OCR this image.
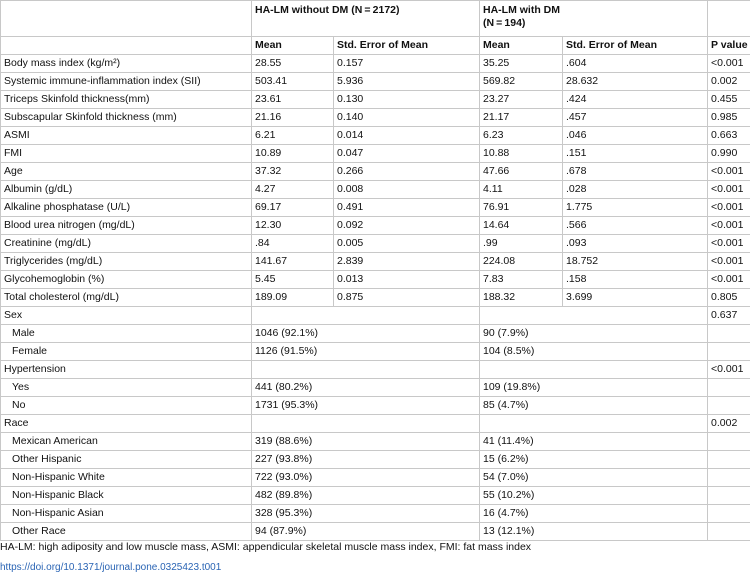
	HA-LM without DM (N = 2172)		HA-LM with DM
(N = 194)		
	Mean	Std. Error of Mean	Mean	Std. Error of Mean	P value
Body mass index (kg/m²)	28.55	0.157	35.25	.604	<0.001
Systemic immune-inflammation index (SII)	503.41	5.936	569.82	28.632	0.002
Triceps Skinfold thickness(mm)	23.61	0.130	23.27	.424	0.455
Subscapular Skinfold thickness (mm)	21.16	0.140	21.17	.457	0.985
ASMI	6.21	0.014	6.23	.046	0.663
FMI	10.89	0.047	10.88	.151	0.990
Age	37.32	0.266	47.66	.678	<0.001
Albumin (g/dL)	4.27	0.008	4.11	.028	<0.001
Alkaline phosphatase (U/L)	69.17	0.491	76.91	1.775	<0.001
Blood urea nitrogen (mg/dL)	12.30	0.092	14.64	.566	<0.001
Creatinine (mg/dL)	.84	0.005	.99	.093	<0.001
Triglycerides (mg/dL)	141.67	2.839	224.08	18.752	<0.001
Glycohemoglobin (%)	5.45	0.013	7.83	.158	<0.001
Total cholesterol (mg/dL)	189.09	0.875	188.32	3.699	0.805
Sex					0.637
Male	1046 (92.1%)		90 (7.9%)		
Female	1126 (91.5%)		104 (8.5%)		
Hypertension					<0.001
Yes	441 (80.2%)		109 (19.8%)		
No	1731 (95.3%)		85 (4.7%)		
Race					0.002
Mexican American	319 (88.6%)		41 (11.4%)		
Other Hispanic	227 (93.8%)		15 (6.2%)		
Non-Hispanic White	722 (93.0%)		54 (7.0%)		
Non-Hispanic Black	482 (89.8%)		55 (10.2%)		
Non-Hispanic Asian	328 (95.3%)		16 (4.7%)		
Other Race	94 (87.9%)		13 (12.1%)		
HA-LM: high adiposity and low muscle mass, ASMI: appendicular skeletal muscle mass index, FMI: fat mass index
https://doi.org/10.1371/journal.pone.0325423.t001
